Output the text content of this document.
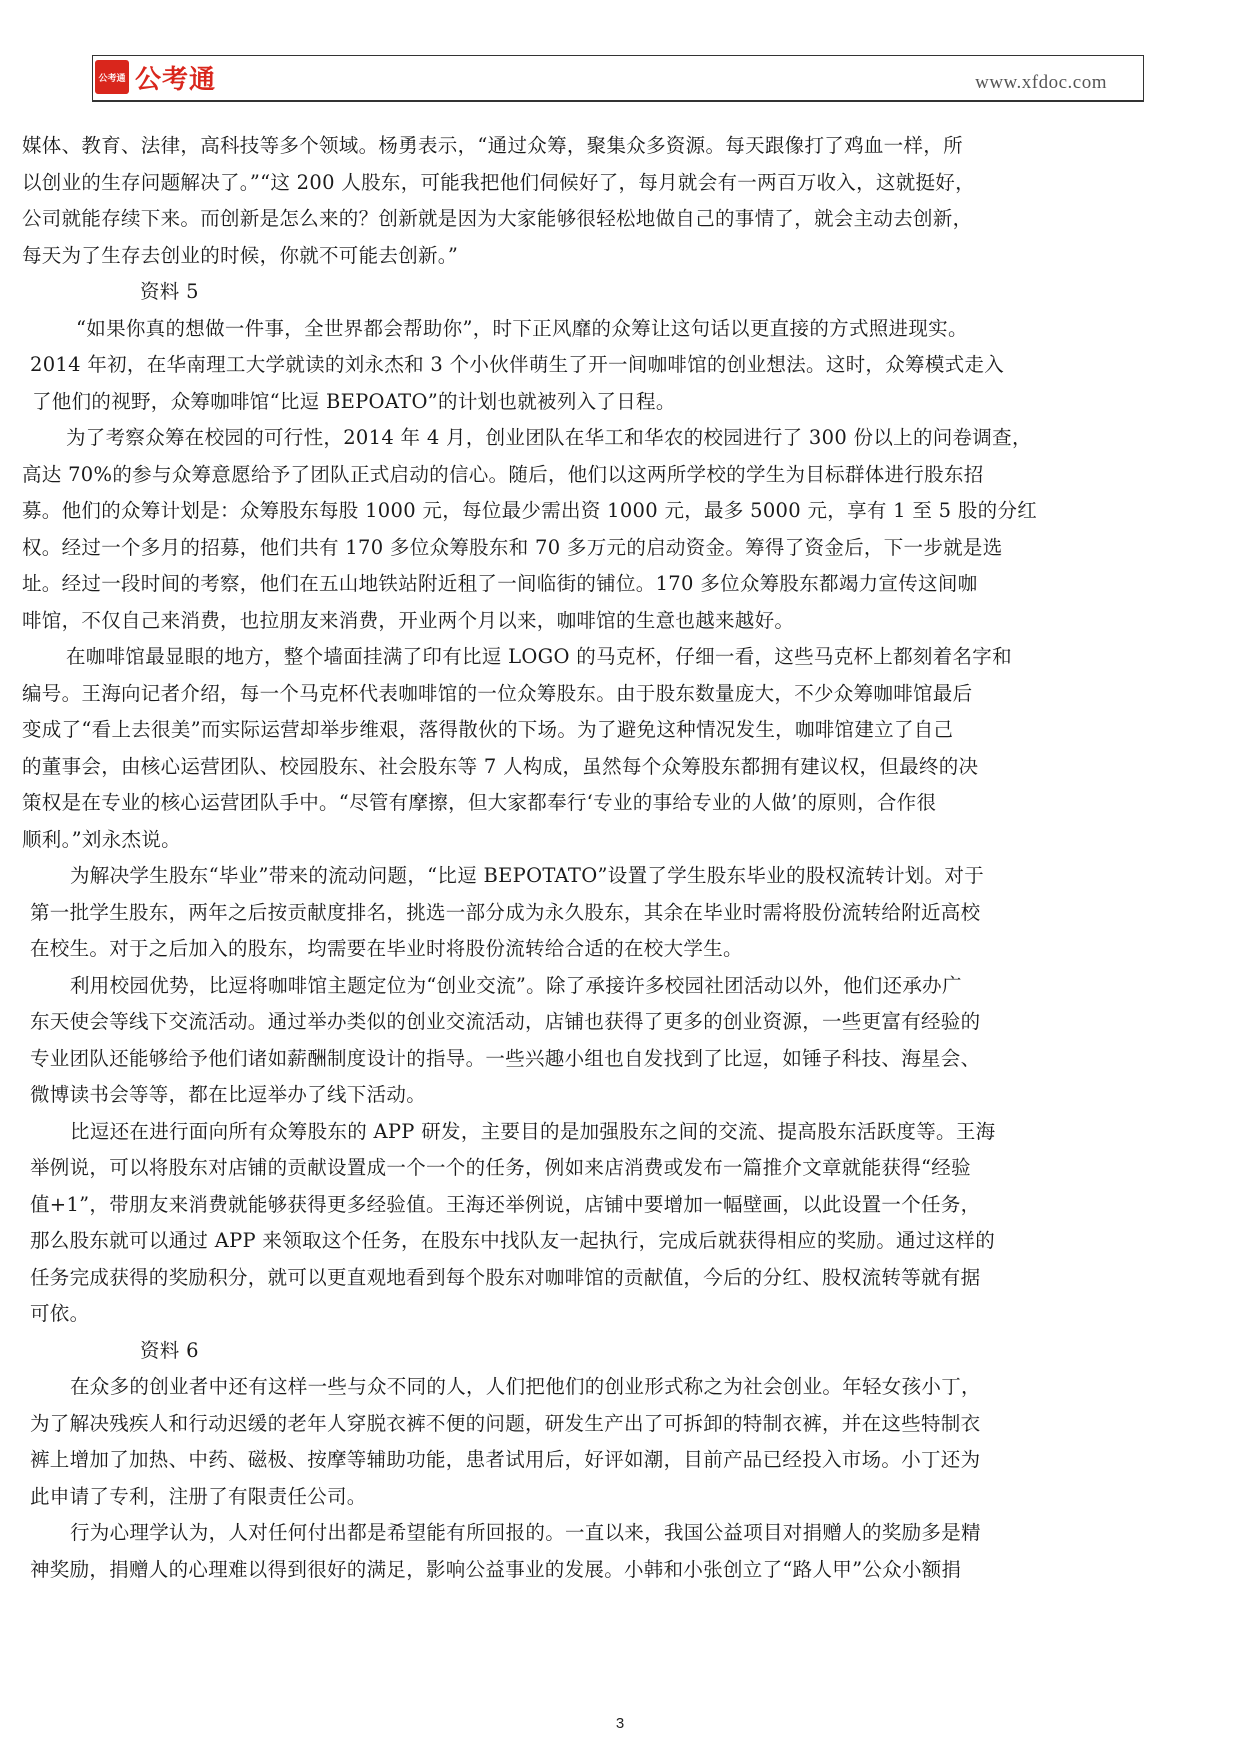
公考通 公考通	www.xfdoc.com
媒体、教育、法律，高科技等多个领域。杨勇表示，“通过众筹，聚集众多资源。每天跟像打了鸡血一样，所
以创业的生存问题解决了。”“这 200 人股东，可能我把他们伺候好了，每月就会有一两百万收入，这就挺好，
公司就能存续下来。而创新是怎么来的？创新就是因为大家能够很轻松地做自己的事情了，就会主动去创新，
每天为了生存去创业的时候，你就不可能去创新。”
资料 5
“如果你真的想做一件事，全世界都会帮助你”，时下正风靡的众筹让这句话以更直接的方式照进现实。
2014 年初，在华南理工大学就读的刘永杰和 3 个小伙伴萌生了开一间咖啡馆的创业想法。这时，众筹模式走入
了他们的视野，众筹咖啡馆“比逗 BEPOATO”的计划也就被列入了日程。
为了考察众筹在校园的可行性，2014 年 4 月，创业团队在华工和华农的校园进行了 300 份以上的问卷调查，
高达 70%的参与众筹意愿给予了团队正式启动的信心。随后，他们以这两所学校的学生为目标群体进行股东招
募。他们的众筹计划是：众筹股东每股 1000 元，每位最少需出资 1000 元，最多 5000 元，享有 1 至 5 股的分红
权。经过一个多月的招募，他们共有 170 多位众筹股东和 70 多万元的启动资金。筹得了资金后，下一步就是选
址。经过一段时间的考察，他们在五山地铁站附近租了一间临街的铺位。170 多位众筹股东都竭力宣传这间咖
啡馆，不仅自己来消费，也拉朋友来消费，开业两个月以来，咖啡馆的生意也越来越好。
在咖啡馆最显眼的地方，整个墙面挂满了印有比逗 LOGO 的马克杯，仔细一看，这些马克杯上都刻着名字和
编号。王海向记者介绍，每一个马克杯代表咖啡馆的一位众筹股东。由于股东数量庞大，不少众筹咖啡馆最后
变成了“看上去很美”而实际运营却举步维艰，落得散伙的下场。为了避免这种情况发生，咖啡馆建立了自己
的董事会，由核心运营团队、校园股东、社会股东等 7 人构成，虽然每个众筹股东都拥有建议权，但最终的决
策权是在专业的核心运营团队手中。“尽管有摩擦，但大家都奉行‘专业的事给专业的人做’的原则，合作很
顺利。”刘永杰说。
为解决学生股东“毕业”带来的流动问题，“比逗 BEPOTATO”设置了学生股东毕业的股权流转计划。对于
第一批学生股东，两年之后按贡献度排名，挑选一部分成为永久股东，其余在毕业时需将股份流转给附近高校
在校生。对于之后加入的股东，均需要在毕业时将股份流转给合适的在校大学生。
利用校园优势，比逗将咖啡馆主题定位为“创业交流”。除了承接许多校园社团活动以外，他们还承办广
东天使会等线下交流活动。通过举办类似的创业交流活动，店铺也获得了更多的创业资源，一些更富有经验的
专业团队还能够给予他们诸如薪酬制度设计的指导。一些兴趣小组也自发找到了比逗，如锤子科技、海星会、
微博读书会等等，都在比逗举办了线下活动。
比逗还在进行面向所有众筹股东的 APP 研发，主要目的是加强股东之间的交流、提高股东活跃度等。王海
举例说，可以将股东对店铺的贡献设置成一个一个的任务，例如来店消费或发布一篇推介文章就能获得“经验
值+1”，带朋友来消费就能够获得更多经验值。王海还举例说，店铺中要增加一幅壁画，以此设置一个任务，
那么股东就可以通过 APP 来领取这个任务，在股东中找队友一起执行，完成后就获得相应的奖励。通过这样的
任务完成获得的奖励积分，就可以更直观地看到每个股东对咖啡馆的贡献值，今后的分红、股权流转等就有据
可依。
资料 6
在众多的创业者中还有这样一些与众不同的人，人们把他们的创业形式称之为社会创业。年轻女孩小丁，
为了解决残疾人和行动迟缓的老年人穿脱衣裤不便的问题，研发生产出了可拆卸的特制衣裤，并在这些特制衣
裤上增加了加热、中药、磁极、按摩等辅助功能，患者试用后，好评如潮，目前产品已经投入市场。小丁还为
此申请了专利，注册了有限责任公司。
行为心理学认为，人对任何付出都是希望能有所回报的。一直以来，我国公益项目对捐赠人的奖励多是精
神奖励，捐赠人的心理难以得到很好的满足，影响公益事业的发展。小韩和小张创立了“路人甲”公众小额捐
3
